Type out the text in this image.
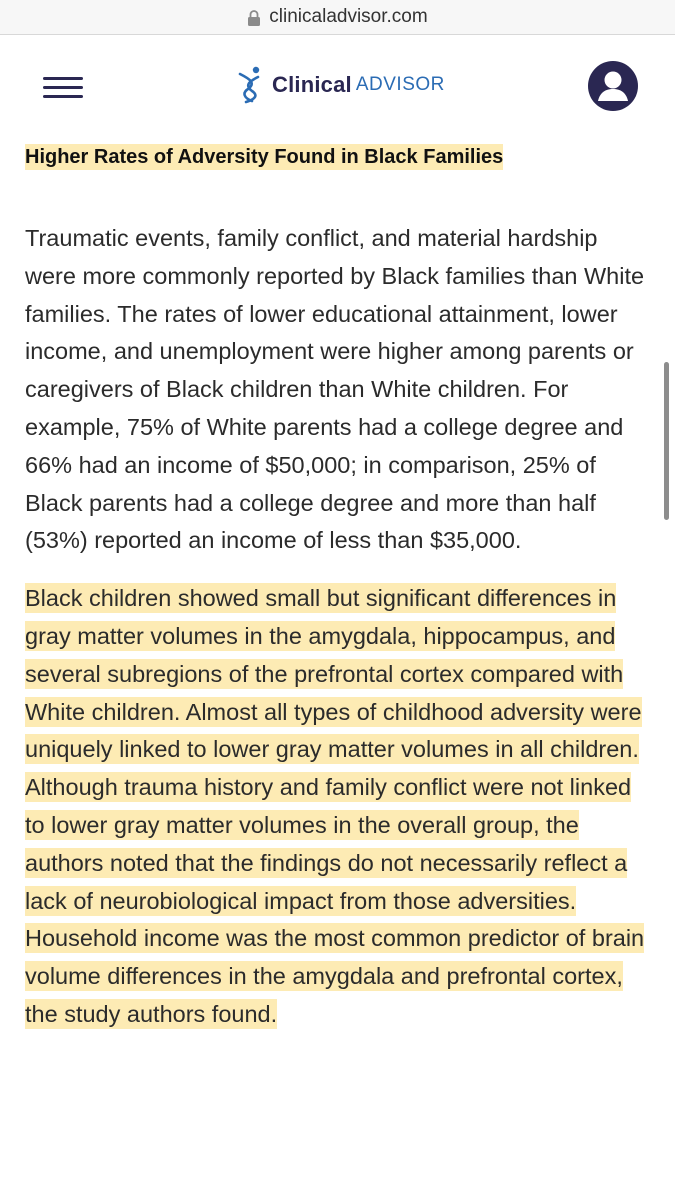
clinicaladvisor.com
Clinical ADVISOR
Higher Rates of Adversity Found in Black Families

Traumatic events, family conflict, and material hardship were more commonly reported by Black families than White families. The rates of lower educational attainment, lower income, and unemployment were higher among parents or caregivers of Black children than White children. For example, 75% of White parents had a college degree and 66% had an income of $50,000; in comparison, 25% of Black parents had a college degree and more than half (53%) reported an income of less than $35,000.

Black children showed small but significant differences in gray matter volumes in the amygdala, hippocampus, and several subregions of the prefrontal cortex compared with White children. Almost all types of childhood adversity were uniquely linked to lower gray matter volumes in all children. Although trauma history and family conflict were not linked to lower gray matter volumes in the overall group, the authors noted that the findings do not necessarily reflect a lack of neurobiological impact from those adversities. Household income was the most common predictor of brain volume differences in the amygdala and prefrontal cortex, the study authors found.
